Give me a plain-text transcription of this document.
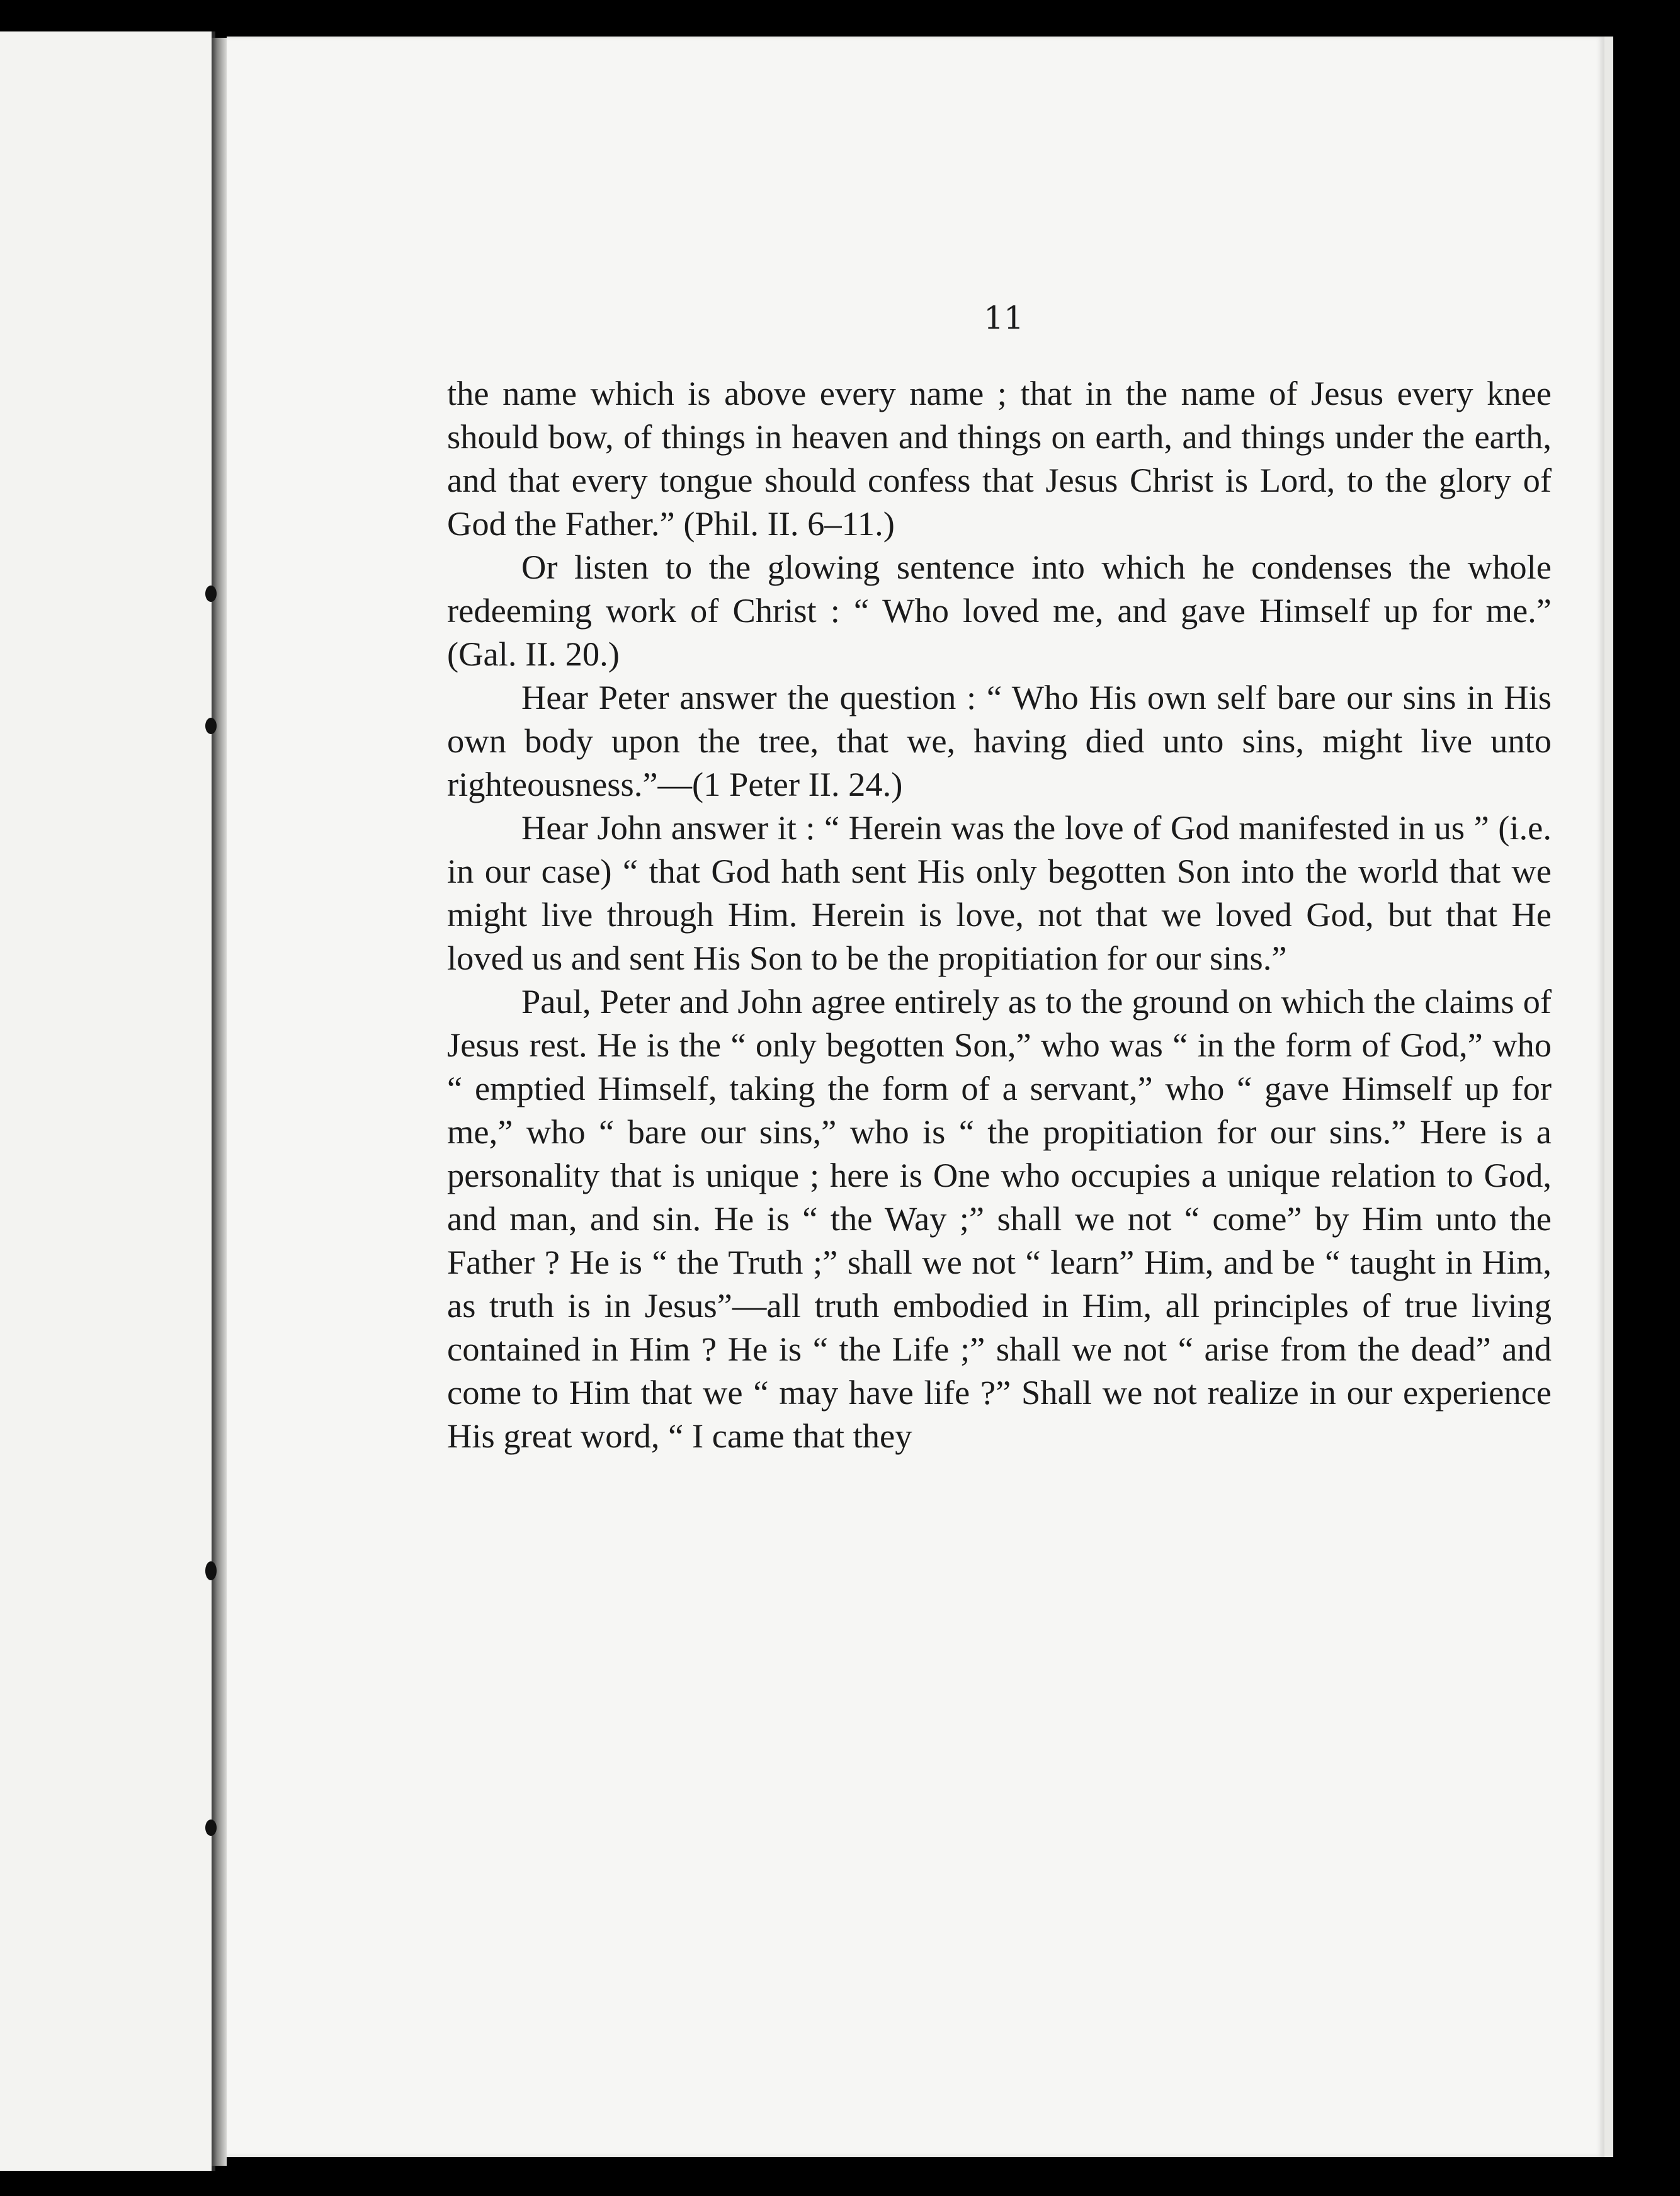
11

the name which is above every name ; that in the name of Jesus every knee should bow, of things in heaven and things on earth, and things under the earth, and that every tongue should confess that Jesus Christ is Lord, to the glory of God the Father.” (Phil. II. 6–11.)

Or listen to the glowing sentence into which he condenses the whole redeeming work of Christ : “ Who loved me, and gave Himself up for me.” (Gal. II. 20.)

Hear Peter answer the question : “ Who His own self bare our sins in His own body upon the tree, that we, having died unto sins, might live unto righteousness.”—(1 Peter II. 24.)

Hear John answer it : “ Herein was the love of God manifested in us ” (i.e. in our case) “ that God hath sent His only begotten Son into the world that we might live through Him. Herein is love, not that we loved God, but that He loved us and sent His Son to be the propitiation for our sins.”

Paul, Peter and John agree entirely as to the ground on which the claims of Jesus rest. He is the “ only begotten Son,” who was “ in the form of God,” who “ emptied Himself, taking the form of a servant,” who “ gave Himself up for me,” who “ bare our sins,” who is “ the propitiation for our sins.” Here is a personality that is unique ; here is One who occupies a unique relation to God, and man, and sin. He is “ the Way ;” shall we not “ come” by Him unto the Father ? He is “ the Truth ;” shall we not “ learn” Him, and be “ taught in Him, as truth is in Jesus”—all truth embodied in Him, all principles of true living contained in Him ? He is “ the Life ;” shall we not “ arise from the dead” and come to Him that we “ may have life ?” Shall we not realize in our experience His great word, “ I came that they
